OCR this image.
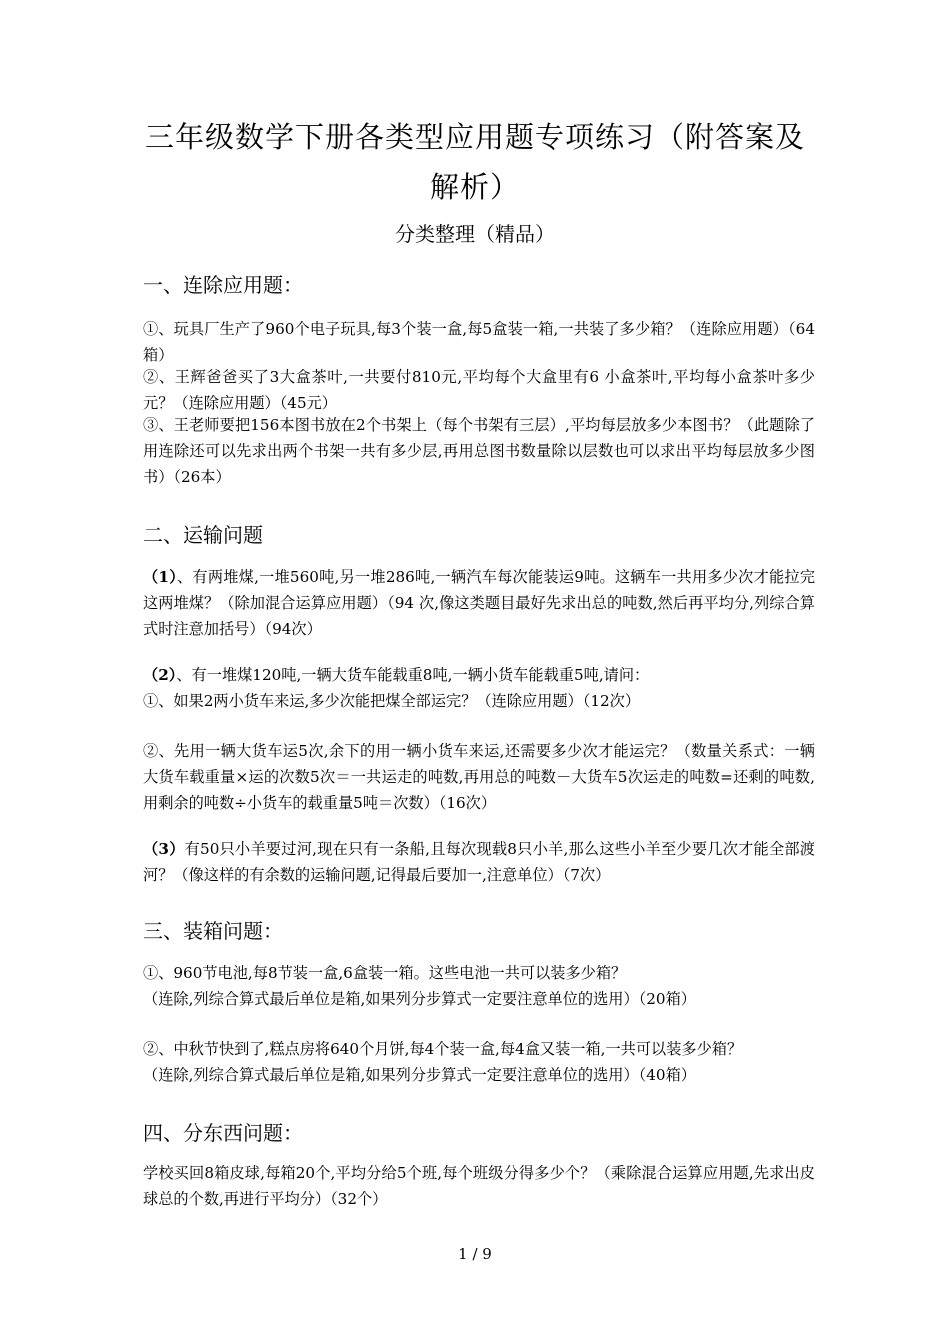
三年级数学下册各类型应用题专项练习（附答案及解析）
分类整理（精品）
一、连除应用题：
①、玩具厂生产了960个电子玩具,每3个装一盒,每5盒装一箱,一共装了多少箱？（连除应用题）（64箱）
②、王辉爸爸买了3大盒茶叶,一共要付810元,平均每个大盒里有6 小盒茶叶,平均每小盒茶叶多少元？（连除应用题）（45元）
③、王老师要把156本图书放在2个书架上（每个书架有三层）,平均每层放多少本图书？（此题除了用连除还可以先求出两个书架一共有多少层,再用总图书数量除以层数也可以求出平均每层放多少图书）（26本）
二、运输问题
（1）、有两堆煤,一堆560吨,另一堆286吨,一辆汽车每次能装运9吨。这辆车一共用多少次才能拉完这两堆煤？（除加混合运算应用题）（94 次,像这类题目最好先求出总的吨数,然后再平均分,列综合算式时注意加括号）（94次）
（2）、有一堆煤120吨,一辆大货车能载重8吨,一辆小货车能载重5吨,请问：
①、如果2两小货车来运,多少次能把煤全部运完？（连除应用题）（12次）
②、先用一辆大货车运5次,余下的用一辆小货车来运,还需要多少次才能运完？（数量关系式：一辆大货车载重量×运的次数5次＝一共运走的吨数,再用总的吨数－大货车5次运走的吨数=还剩的吨数,用剩余的吨数÷小货车的载重量5吨＝次数）（16次）
（3）有50只小羊要过河,现在只有一条船,且每次现载8只小羊,那么这些小羊至少要几次才能全部渡河？（像这样的有余数的运输问题,记得最后要加一,注意单位）（7次）
三、装箱问题：
①、960节电池,每8节装一盒,6盒装一箱。这些电池一共可以装多少箱？
（连除,列综合算式最后单位是箱,如果列分步算式一定要注意单位的选用）（20箱）
②、中秋节快到了,糕点房将640个月饼,每4个装一盒,每4盒又装一箱,一共可以装多少箱？
（连除,列综合算式最后单位是箱,如果列分步算式一定要注意单位的选用）（40箱）
四、分东西问题：
学校买回8箱皮球,每箱20个,平均分给5个班,每个班级分得多少个？（乘除混合运算应用题,先求出皮球总的个数,再进行平均分）（32个）
1 / 9
